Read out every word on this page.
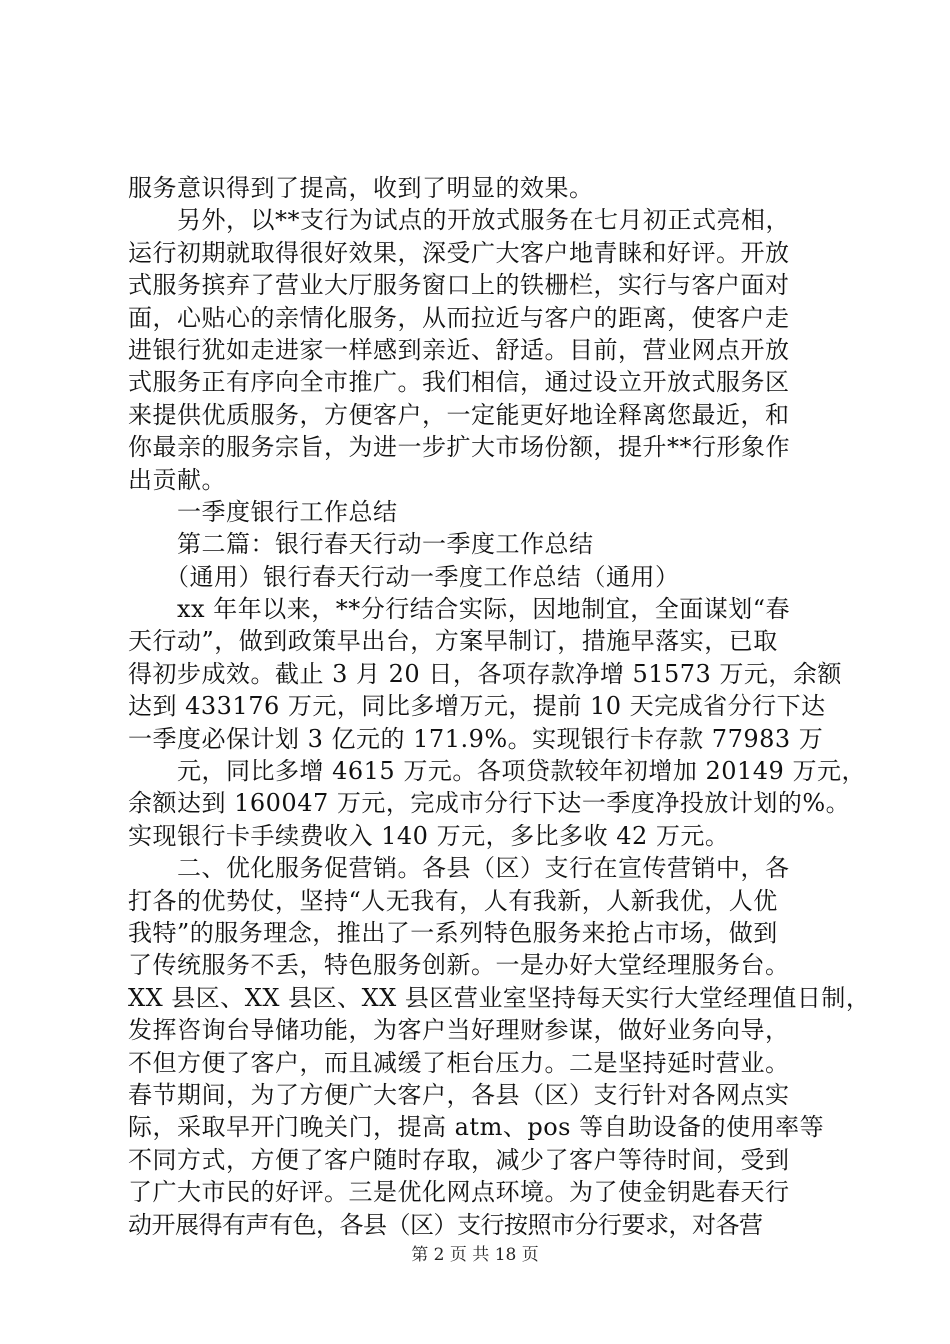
服务意识得到了提高，收到了明显的效果。
　　另外，以**支行为试点的开放式服务在七月初正式亮相，
运行初期就取得很好效果，深受广大客户地青睐和好评。开放
式服务摈弃了营业大厅服务窗口上的铁栅栏，实行与客户面对
面，心贴心的亲情化服务，从而拉近与客户的距离，使客户走
进银行犹如走进家一样感到亲近、舒适。目前，营业网点开放
式服务正有序向全市推广。我们相信，通过设立开放式服务区
来提供优质服务，方便客户，一定能更好地诠释离您最近，和
你最亲的服务宗旨，为进一步扩大市场份额，提升**行形象作
出贡献。
　　一季度银行工作总结
　　第二篇：银行春天行动一季度工作总结
　　（通用）银行春天行动一季度工作总结（通用）
　　xx 年年以来，**分行结合实际，因地制宜，全面谋划“春
天行动”，做到政策早出台，方案早制订，措施早落实，已取
得初步成效。截止 3 月 20 日，各项存款净增 51573 万元，余额
达到 433176 万元，同比多增万元，提前 10 天完成省分行下达
一季度必保计划 3 亿元的 171.9%。实现银行卡存款 77983 万
　　元，同比多增 4615 万元。各项贷款较年初增加 20149 万元，
余额达到 160047 万元，完成市分行下达一季度净投放计划的%。
实现银行卡手续费收入 140 万元，多比多收 42 万元。
　　二、优化服务促营销。各县（区）支行在宣传营销中，各
打各的优势仗，坚持“人无我有，人有我新，人新我优，人优
我特”的服务理念，推出了一系列特色服务来抢占市场，做到
了传统服务不丢，特色服务创新。一是办好大堂经理服务台。
XX 县区、XX 县区、XX 县区营业室坚持每天实行大堂经理值日制，
发挥咨询台导储功能，为客户当好理财参谋，做好业务向导，
不但方便了客户，而且减缓了柜台压力。二是坚持延时营业。
春节期间，为了方便广大客户，各县（区）支行针对各网点实
际，采取早开门晚关门，提高 atm、pos 等自助设备的使用率等
不同方式，方便了客户随时存取，减少了客户等待时间，受到
了广大市民的好评。三是优化网点环境。为了使金钥匙春天行
动开展得有声有色，各县（区）支行按照市分行要求，对各营
第 2 页 共 18 页
